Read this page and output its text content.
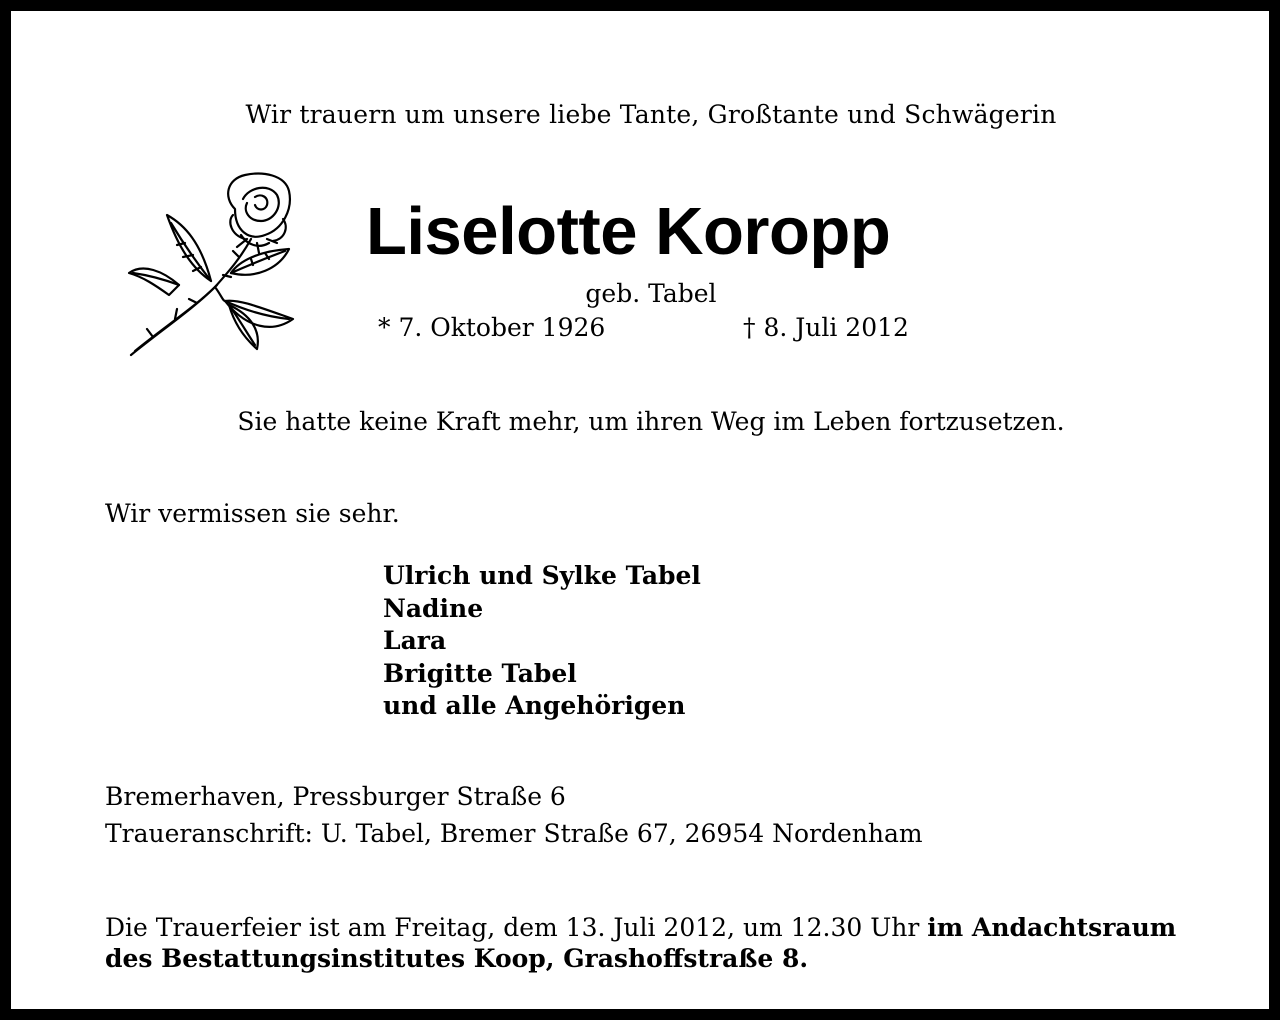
Wir trauern um unsere liebe Tante, Großtante und Schwägerin
Liselotte Koropp
geb. Tabel
* 7. Oktober 1926	† 8. Juli 2012
Sie hatte keine Kraft mehr, um ihren Weg im Leben fortzusetzen.
Wir vermissen sie sehr.
Ulrich und Sylke Tabel
Nadine
Lara
Brigitte Tabel
und alle Angehörigen
Bremerhaven, Pressburger Straße 6
Traueranschrift: U. Tabel, Bremer Straße 67, 26954 Nordenham
Die Trauerfeier ist am Freitag, dem 13. Juli 2012, um 12.30 Uhr im Andachtsraum des Bestattungsinstitutes Koop, Grashoffstraße 8.
